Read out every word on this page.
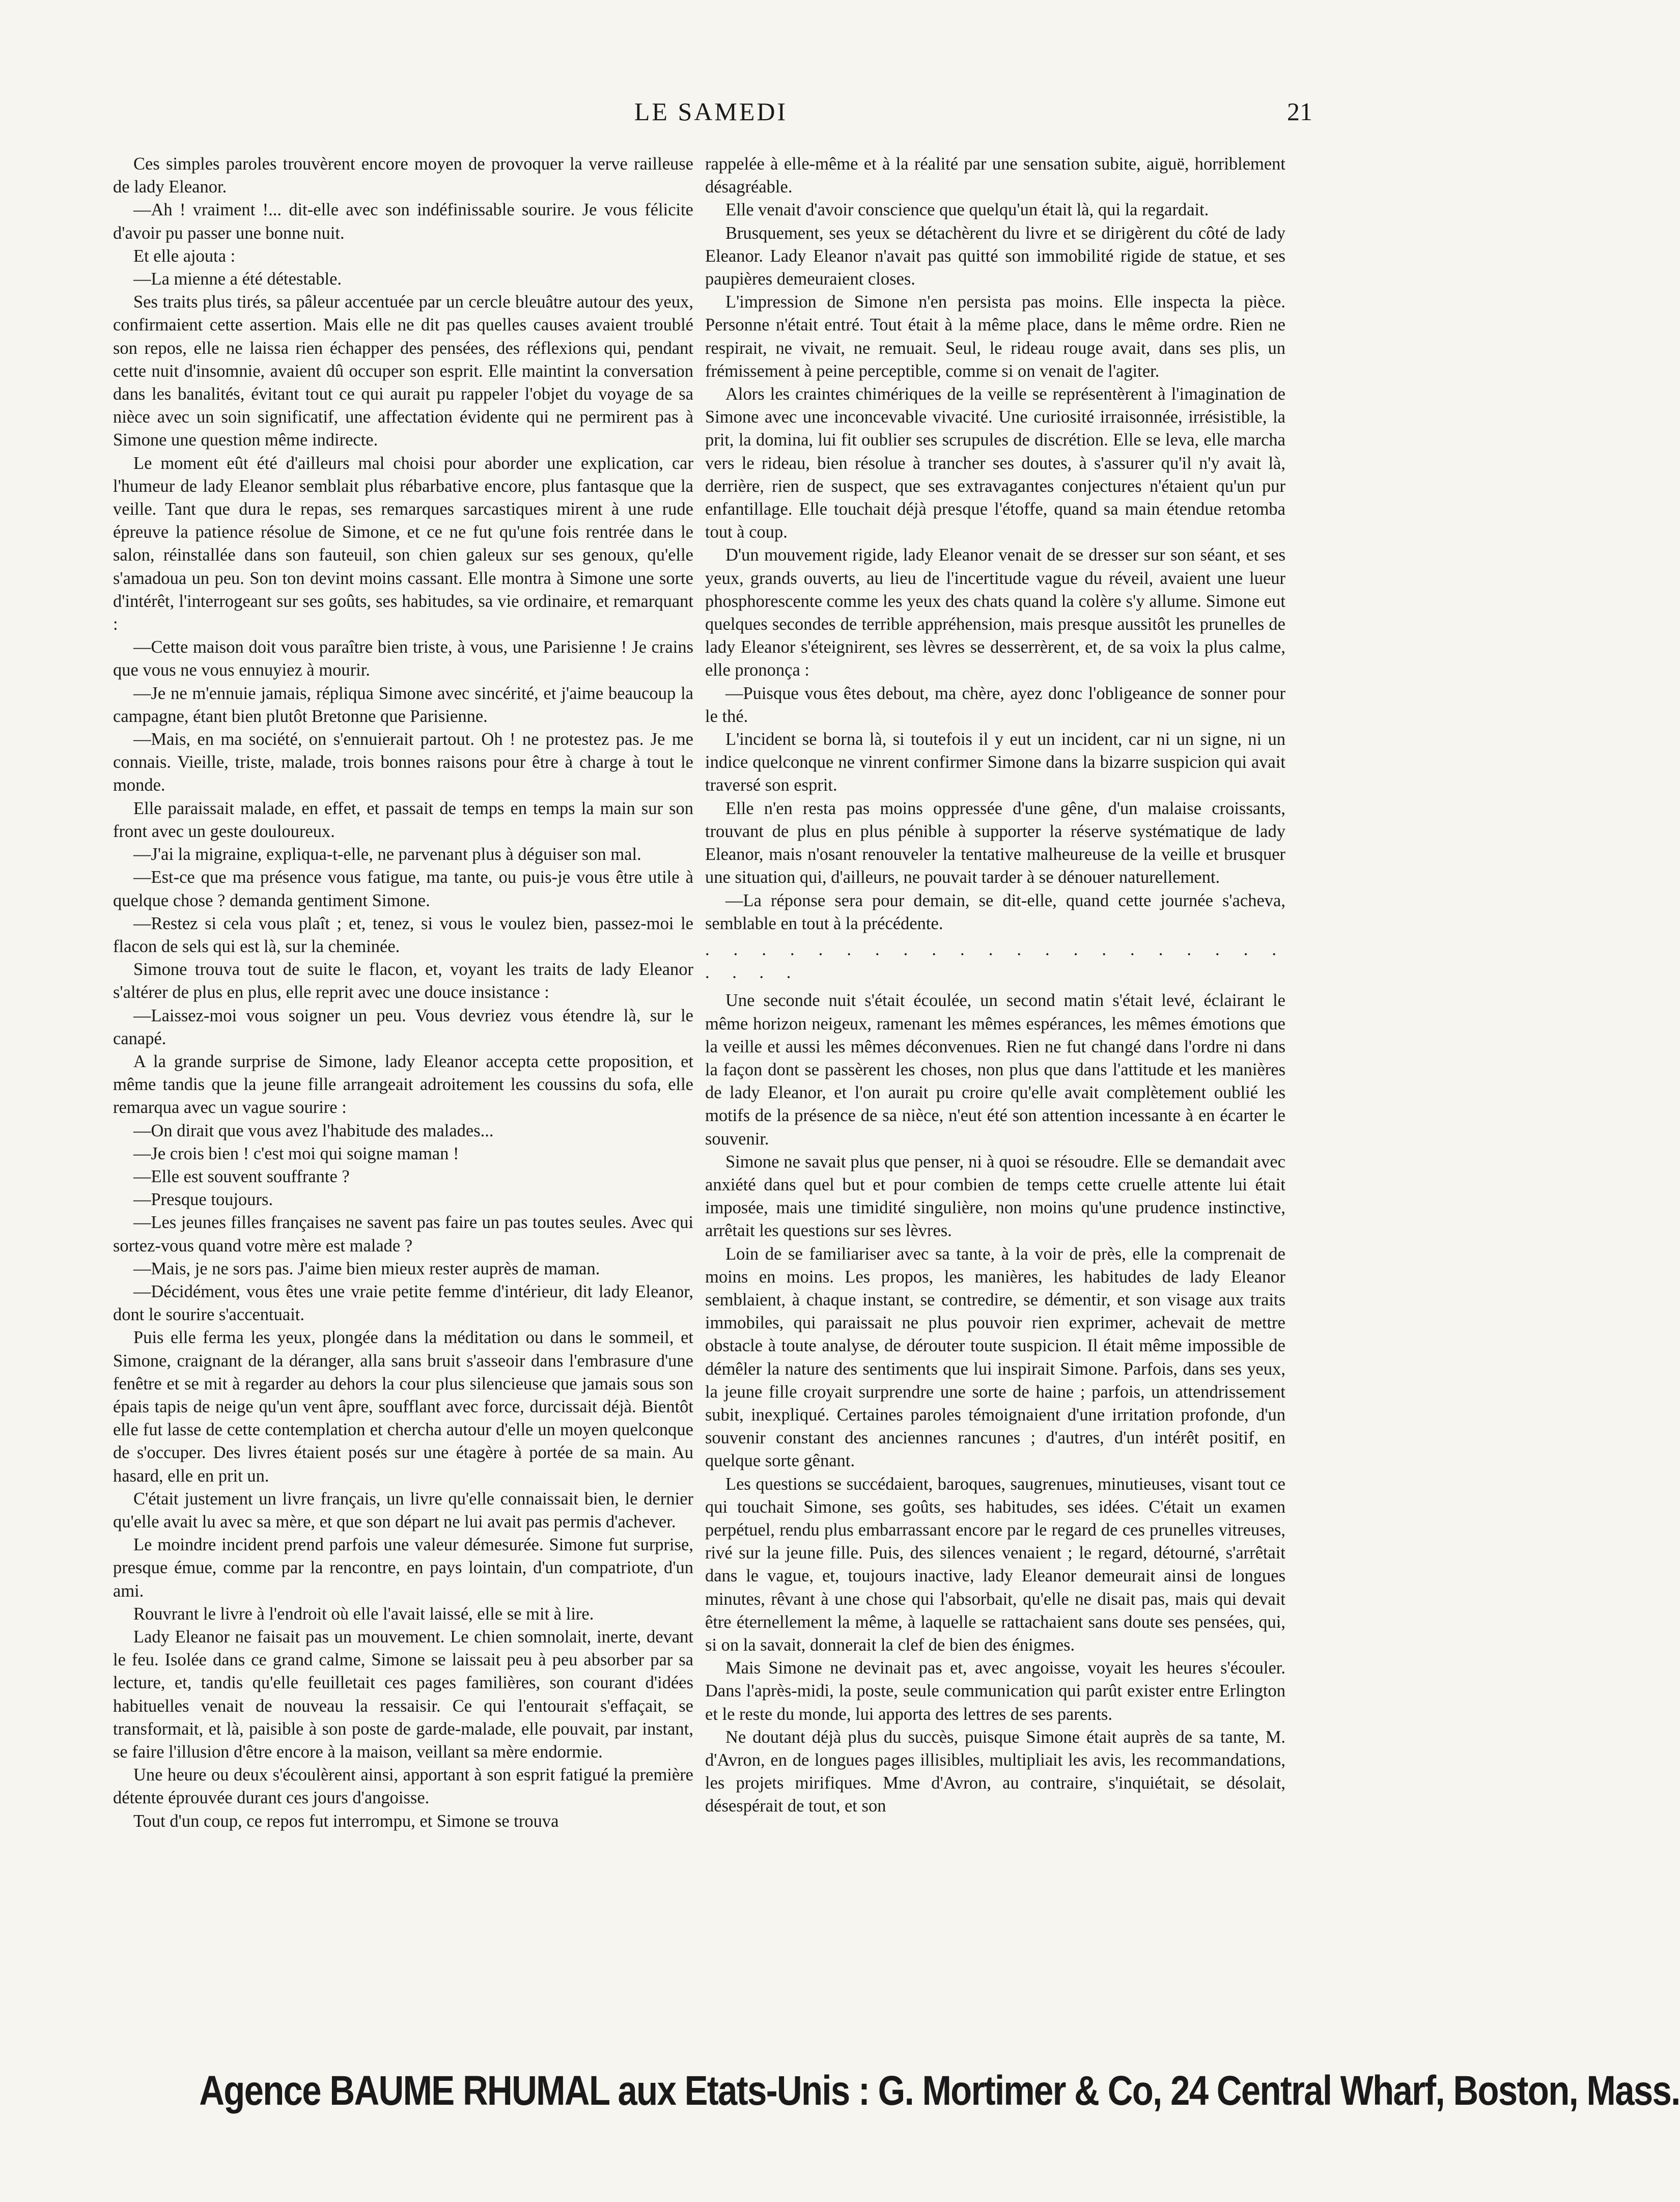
LE SAMEDI	21

Ces simples paroles trouvèrent encore moyen de provoquer la verve railleuse de lady Eleanor.

—Ah ! vraiment !... dit-elle avec son indéfinissable sourire. Je vous félicite d'avoir pu passer une bonne nuit.

Et elle ajouta :

—La mienne a été détestable.

Ses traits plus tirés, sa pâleur accentuée par un cercle bleuâtre autour des yeux, confirmaient cette assertion. Mais elle ne dit pas quelles causes avaient troublé son repos, elle ne laissa rien échapper des pensées, des réflexions qui, pendant cette nuit d'insomnie, avaient dû occuper son esprit. Elle maintint la conversation dans les banalités, évitant tout ce qui aurait pu rappeler l'objet du voyage de sa nièce avec un soin significatif, une affectation évidente qui ne permirent pas à Simone une question même indirecte.

Le moment eût été d'ailleurs mal choisi pour aborder une explication, car l'humeur de lady Eleanor semblait plus rébarbative encore, plus fantasque que la veille. Tant que dura le repas, ses remarques sarcastiques mirent à une rude épreuve la patience résolue de Simone, et ce ne fut qu'une fois rentrée dans le salon, réinstallée dans son fauteuil, son chien galeux sur ses genoux, qu'elle s'amadoua un peu. Son ton devint moins cassant. Elle montra à Simone une sorte d'intérêt, l'interrogeant sur ses goûts, ses habitudes, sa vie ordinaire, et remarquant :

—Cette maison doit vous paraître bien triste, à vous, une Parisienne ! Je crains que vous ne vous ennuyiez à mourir.

—Je ne m'ennuie jamais, répliqua Simone avec sincérité, et j'aime beaucoup la campagne, étant bien plutôt Bretonne que Parisienne.

—Mais, en ma société, on s'ennuierait partout. Oh ! ne protestez pas. Je me connais. Vieille, triste, malade, trois bonnes raisons pour être à charge à tout le monde.

Elle paraissait malade, en effet, et passait de temps en temps la main sur son front avec un geste douloureux.

—J'ai la migraine, expliqua-t-elle, ne parvenant plus à déguiser son mal.

—Est-ce que ma présence vous fatigue, ma tante, ou puis-je vous être utile à quelque chose ? demanda gentiment Simone.

—Restez si cela vous plaît ; et, tenez, si vous le voulez bien, passez-moi le flacon de sels qui est là, sur la cheminée.

Simone trouva tout de suite le flacon, et, voyant les traits de lady Eleanor s'altérer de plus en plus, elle reprit avec une douce insistance :

—Laissez-moi vous soigner un peu. Vous devriez vous étendre là, sur le canapé.

A la grande surprise de Simone, lady Eleanor accepta cette proposition, et même tandis que la jeune fille arrangeait adroitement les coussins du sofa, elle remarqua avec un vague sourire :

—On dirait que vous avez l'habitude des malades...

—Je crois bien ! c'est moi qui soigne maman !

—Elle est souvent souffrante ?

—Presque toujours.

—Les jeunes filles françaises ne savent pas faire un pas toutes seules. Avec qui sortez-vous quand votre mère est malade ?

—Mais, je ne sors pas. J'aime bien mieux rester auprès de maman.

—Décidément, vous êtes une vraie petite femme d'intérieur, dit lady Eleanor, dont le sourire s'accentuait.

Puis elle ferma les yeux, plongée dans la méditation ou dans le sommeil, et Simone, craignant de la déranger, alla sans bruit s'asseoir dans l'embrasure d'une fenêtre et se mit à regarder au dehors la cour plus silencieuse que jamais sous son épais tapis de neige qu'un vent âpre, soufflant avec force, durcissait déjà. Bientôt elle fut lasse de cette contemplation et chercha autour d'elle un moyen quelconque de s'occuper. Des livres étaient posés sur une étagère à portée de sa main. Au hasard, elle en prit un.

C'était justement un livre français, un livre qu'elle connaissait bien, le dernier qu'elle avait lu avec sa mère, et que son départ ne lui avait pas permis d'achever.

Le moindre incident prend parfois une valeur démesurée. Simone fut surprise, presque émue, comme par la rencontre, en pays lointain, d'un compatriote, d'un ami.

Rouvrant le livre à l'endroit où elle l'avait laissé, elle se mit à lire.

Lady Eleanor ne faisait pas un mouvement. Le chien somnolait, inerte, devant le feu. Isolée dans ce grand calme, Simone se laissait peu à peu absorber par sa lecture, et, tandis qu'elle feuilletait ces pages familières, son courant d'idées habituelles venait de nouveau la ressaisir. Ce qui l'entourait s'effaçait, se transformait, et là, paisible à son poste de garde-malade, elle pouvait, par instant, se faire l'illusion d'être encore à la maison, veillant sa mère endormie.

Une heure ou deux s'écoulèrent ainsi, apportant à son esprit fatigué la première détente éprouvée durant ces jours d'angoisse.

Tout d'un coup, ce repos fut interrompu, et Simone se trouva

rappelée à elle-même et à la réalité par une sensation subite, aiguë, horriblement désagréable.

Elle venait d'avoir conscience que quelqu'un était là, qui la regardait.

Brusquement, ses yeux se détachèrent du livre et se dirigèrent du côté de lady Eleanor. Lady Eleanor n'avait pas quitté son immobilité rigide de statue, et ses paupières demeuraient closes.

L'impression de Simone n'en persista pas moins. Elle inspecta la pièce. Personne n'était entré. Tout était à la même place, dans le même ordre. Rien ne respirait, ne vivait, ne remuait. Seul, le rideau rouge avait, dans ses plis, un frémissement à peine perceptible, comme si on venait de l'agiter.

Alors les craintes chimériques de la veille se représentèrent à l'imagination de Simone avec une inconcevable vivacité. Une curiosité irraisonnée, irrésistible, la prit, la domina, lui fit oublier ses scrupules de discrétion. Elle se leva, elle marcha vers le rideau, bien résolue à trancher ses doutes, à s'assurer qu'il n'y avait là, derrière, rien de suspect, que ses extravagantes conjectures n'étaient qu'un pur enfantillage. Elle touchait déjà presque l'étoffe, quand sa main étendue retomba tout à coup.

D'un mouvement rigide, lady Eleanor venait de se dresser sur son séant, et ses yeux, grands ouverts, au lieu de l'incertitude vague du réveil, avaient une lueur phosphorescente comme les yeux des chats quand la colère s'y allume. Simone eut quelques secondes de terrible appréhension, mais presque aussitôt les prunelles de lady Eleanor s'éteignirent, ses lèvres se desserrèrent, et, de sa voix la plus calme, elle prononça :

—Puisque vous êtes debout, ma chère, ayez donc l'obligeance de sonner pour le thé.

L'incident se borna là, si toutefois il y eut un incident, car ni un signe, ni un indice quelconque ne vinrent confirmer Simone dans la bizarre suspicion qui avait traversé son esprit.

Elle n'en resta pas moins oppressée d'une gêne, d'un malaise croissants, trouvant de plus en plus pénible à supporter la réserve systématique de lady Eleanor, mais n'osant renouveler la tentative malheureuse de la veille et brusquer une situation qui, d'ailleurs, ne pouvait tarder à se dénouer naturellement.

—La réponse sera pour demain, se dit-elle, quand cette journée s'acheva, semblable en tout à la précédente.

. . . . . . . . . . . . . . . . . . . . . . . . .

Une seconde nuit s'était écoulée, un second matin s'était levé, éclairant le même horizon neigeux, ramenant les mêmes espérances, les mêmes émotions que la veille et aussi les mêmes déconvenues. Rien ne fut changé dans l'ordre ni dans la façon dont se passèrent les choses, non plus que dans l'attitude et les manières de lady Eleanor, et l'on aurait pu croire qu'elle avait complètement oublié les motifs de la présence de sa nièce, n'eut été son attention incessante à en écarter le souvenir.

Simone ne savait plus que penser, ni à quoi se résoudre. Elle se demandait avec anxiété dans quel but et pour combien de temps cette cruelle attente lui était imposée, mais une timidité singulière, non moins qu'une prudence instinctive, arrêtait les questions sur ses lèvres.

Loin de se familiariser avec sa tante, à la voir de près, elle la comprenait de moins en moins. Les propos, les manières, les habitudes de lady Eleanor semblaient, à chaque instant, se contredire, se démentir, et son visage aux traits immobiles, qui paraissait ne plus pouvoir rien exprimer, achevait de mettre obstacle à toute analyse, de dérouter toute suspicion. Il était même impossible de démêler la nature des sentiments que lui inspirait Simone. Parfois, dans ses yeux, la jeune fille croyait surprendre une sorte de haine ; parfois, un attendrissement subit, inexpliqué. Certaines paroles témoignaient d'une irritation profonde, d'un souvenir constant des anciennes rancunes ; d'autres, d'un intérêt positif, en quelque sorte gênant.

Les questions se succédaient, baroques, saugrenues, minutieuses, visant tout ce qui touchait Simone, ses goûts, ses habitudes, ses idées. C'était un examen perpétuel, rendu plus embarrassant encore par le regard de ces prunelles vitreuses, rivé sur la jeune fille. Puis, des silences venaient ; le regard, détourné, s'arrêtait dans le vague, et, toujours inactive, lady Eleanor demeurait ainsi de longues minutes, rêvant à une chose qui l'absorbait, qu'elle ne disait pas, mais qui devait être éternellement la même, à laquelle se rattachaient sans doute ses pensées, qui, si on la savait, donnerait la clef de bien des énigmes.

Mais Simone ne devinait pas et, avec angoisse, voyait les heures s'écouler. Dans l'après-midi, la poste, seule communication qui parût exister entre Erlington et le reste du monde, lui apporta des lettres de ses parents.

Ne doutant déjà plus du succès, puisque Simone était auprès de sa tante, M. d'Avron, en de longues pages illisibles, multipliait les avis, les recommandations, les projets mirifiques. Mme d'Avron, au contraire, s'inquiétait, se désolait, désespérait de tout, et son

Agence BAUME RHUMAL aux Etats-Unis : G. Mortimer & Co, 24 Central Wharf, Boston, Mass.
